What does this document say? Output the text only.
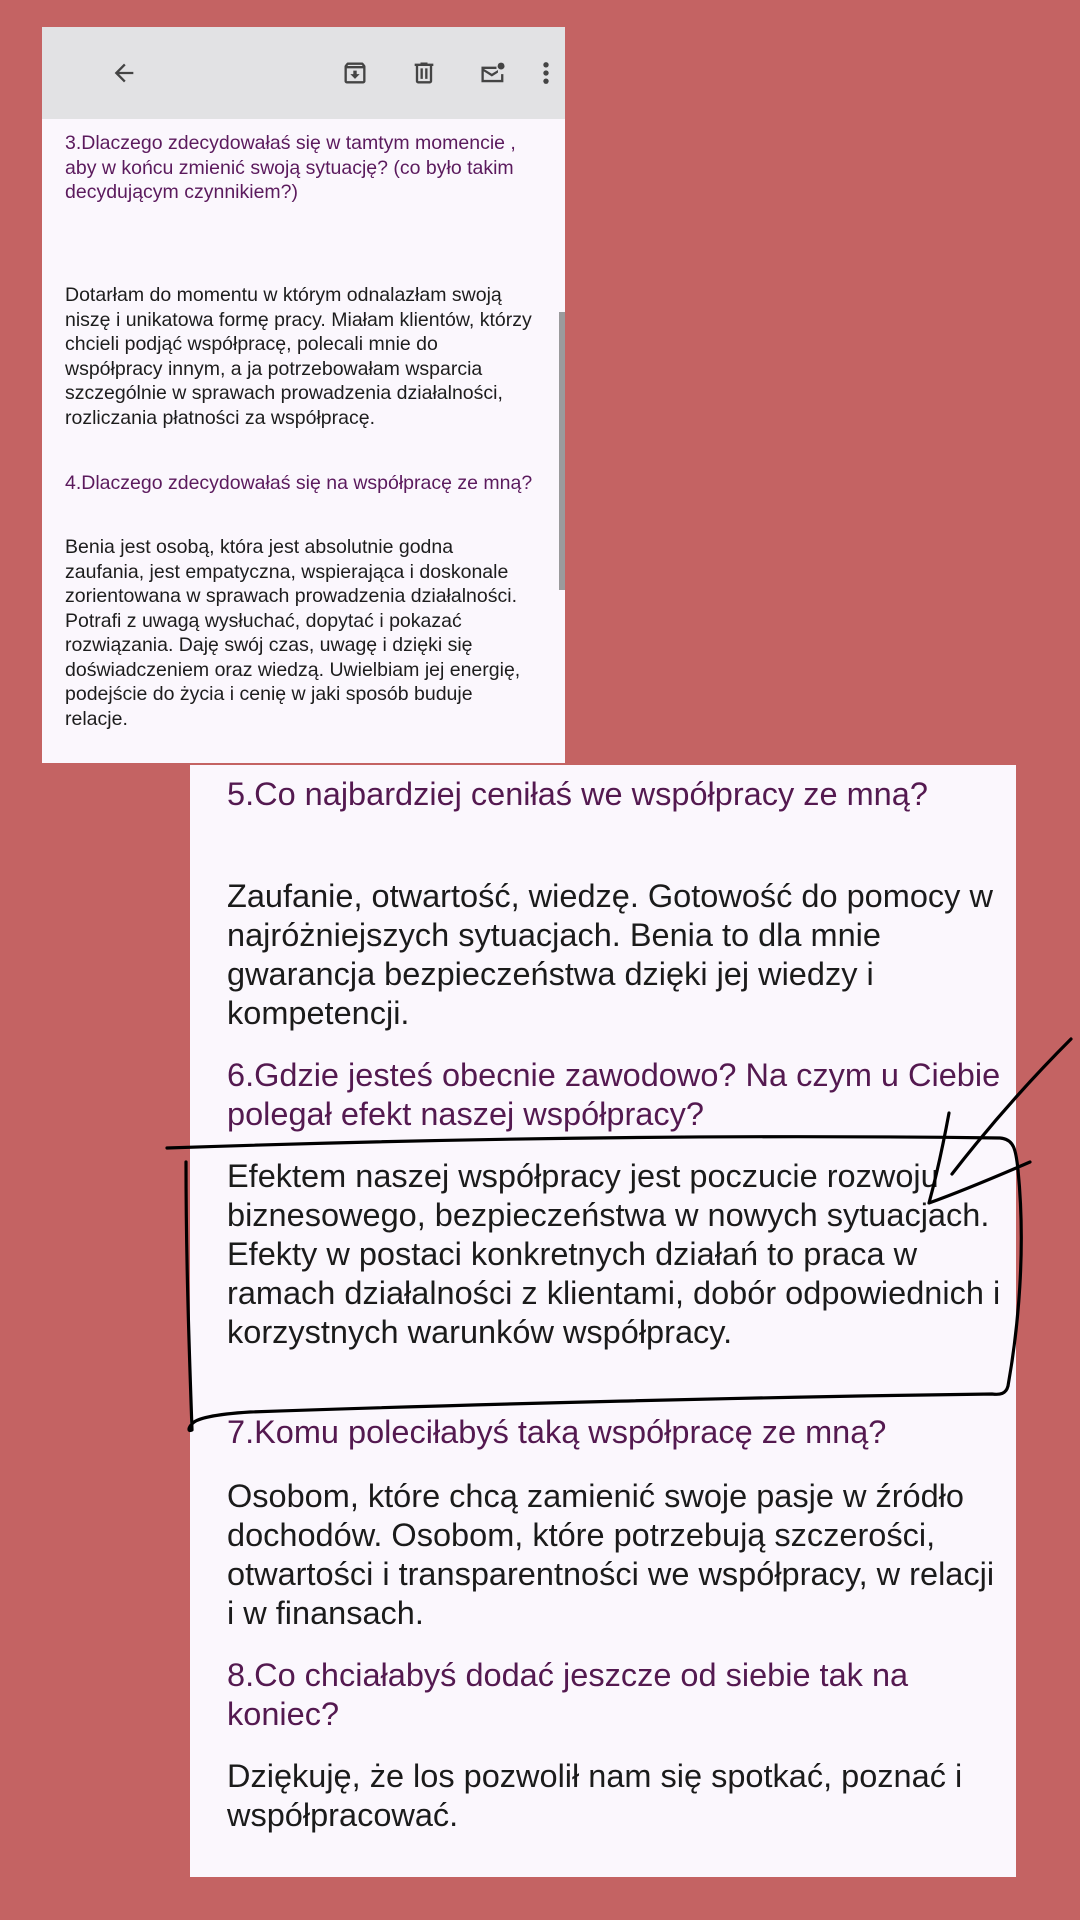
3.Dlaczego zdecydowałaś się w tamtym momencie , aby w końcu zmienić swoją sytuację? (co było takim decydującym czynnikiem?)

Dotarłam do momentu w którym odnalazłam swoją niszę i unikatowa formę pracy. Miałam klientów, którzy chcieli podjąć współpracę, polecali mnie do współpracy innym, a ja potrzebowałam wsparcia szczególnie w sprawach prowadzenia działalności, rozliczania płatności za współpracę.

4.Dlaczego zdecydowałaś się na współpracę ze mną?

Benia jest osobą, która jest absolutnie godna zaufania, jest empatyczna, wspierająca i doskonale zorientowana w sprawach prowadzenia działalności. Potrafi z uwagą wysłuchać, dopytać i pokazać rozwiązania. Daję swój czas, uwagę i dzięki się doświadczeniem oraz wiedzą. Uwielbiam jej energię, podejście do życia i cenię w jaki sposób buduje relacje.

5.Co najbardziej ceniłaś we współpracy ze mną?

Zaufanie, otwartość, wiedzę. Gotowość do pomocy w najróżniejszych sytuacjach. Benia to dla mnie gwarancja bezpieczeństwa dzięki jej wiedzy i kompetencji.

6.Gdzie jesteś obecnie zawodowo? Na czym u Ciebie polegał efekt naszej współpracy?

Efektem naszej współpracy jest poczucie rozwoju biznesowego, bezpieczeństwa w nowych sytuacjach. Efekty w postaci konkretnych działań to praca w ramach działalności z klientami, dobór odpowiednich i korzystnych warunków współpracy.

7.Komu poleciłabyś taką współpracę ze mną?

Osobom, które chcą zamienić swoje pasje w źródło dochodów. Osobom, które potrzebują szczerości, otwartości i transparentności we współpracy, w relacji i w finansach.

8.Co chciałabyś dodać jeszcze od siebie tak na koniec?

Dziękuję, że los pozwolił nam się spotkać, poznać i współpracować.
